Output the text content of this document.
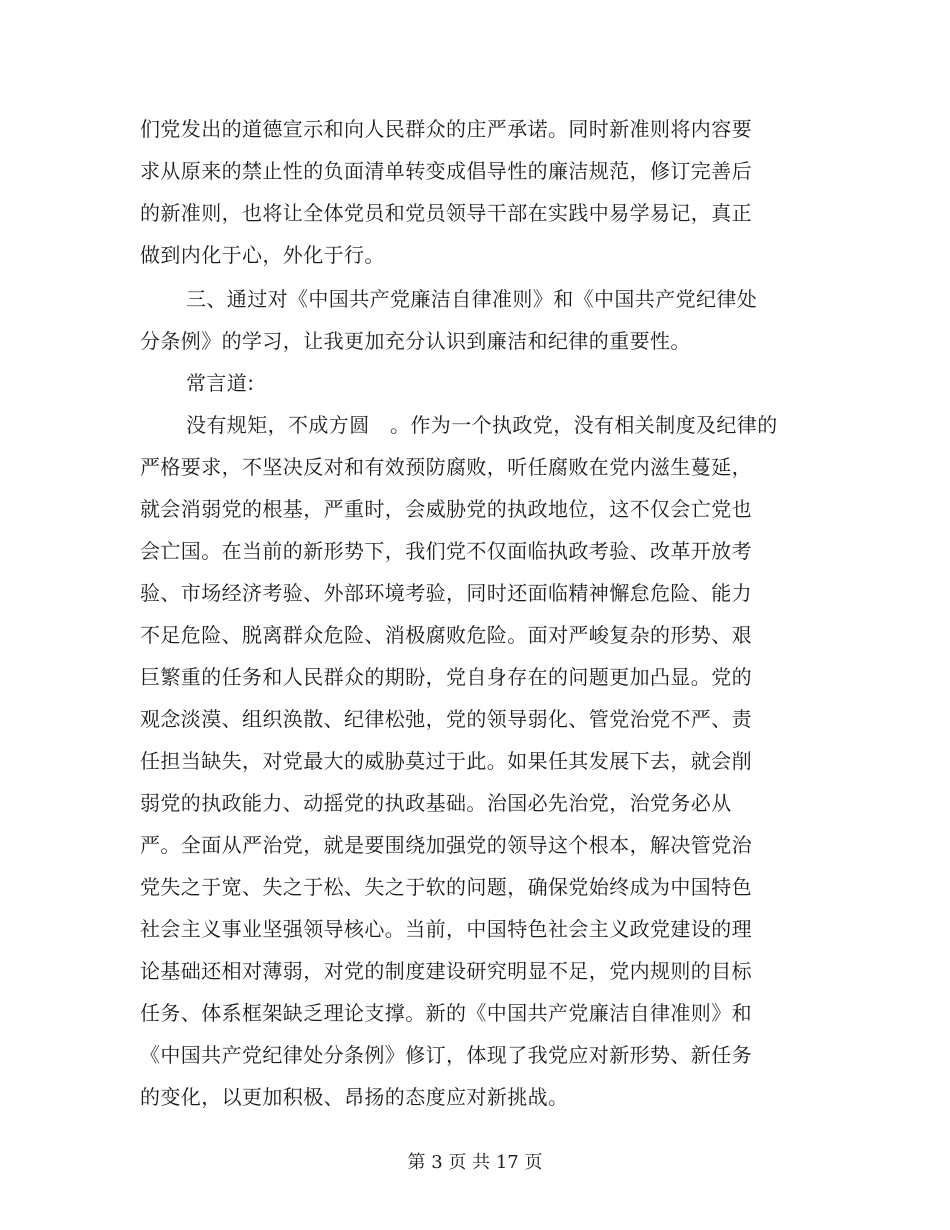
们党发出的道德宣示和向人民群众的庄严承诺。同时新准则将内容要
求从原来的禁止性的负面清单转变成倡导性的廉洁规范，修订完善后
的新准则，也将让全体党员和党员领导干部在实践中易学易记，真正
做到内化于心，外化于行。
三、通过对《中国共产党廉洁自律准则》和《中国共产党纪律处
分条例》的学习，让我更加充分认识到廉洁和纪律的重要性。
常言道:
没有规矩，不成方圆　。作为一个执政党，没有相关制度及纪律的
严格要求，不坚决反对和有效预防腐败，听任腐败在党内滋生蔓延，
就会消弱党的根基，严重时，会威胁党的执政地位，这不仅会亡党也
会亡国。在当前的新形势下，我们党不仅面临执政考验、改革开放考
验、市场经济考验、外部环境考验，同时还面临精神懈怠危险、能力
不足危险、脱离群众危险、消极腐败危险。面对严峻复杂的形势、艰
巨繁重的任务和人民群众的期盼，党自身存在的问题更加凸显。党的
观念淡漠、组织涣散、纪律松弛，党的领导弱化、管党治党不严、责
任担当缺失，对党最大的威胁莫过于此。如果任其发展下去，就会削
弱党的执政能力、动摇党的执政基础。治国必先治党，治党务必从
严。全面从严治党，就是要围绕加强党的领导这个根本，解决管党治
党失之于宽、失之于松、失之于软的问题，确保党始终成为中国特色
社会主义事业坚强领导核心。当前，中国特色社会主义政党建设的理
论基础还相对薄弱，对党的制度建设研究明显不足，党内规则的目标
任务、体系框架缺乏理论支撑。新的《中国共产党廉洁自律准则》和
《中国共产党纪律处分条例》修订，体现了我党应对新形势、新任务
的变化，以更加积极、昂扬的态度应对新挑战。
第 3 页 共 17 页
